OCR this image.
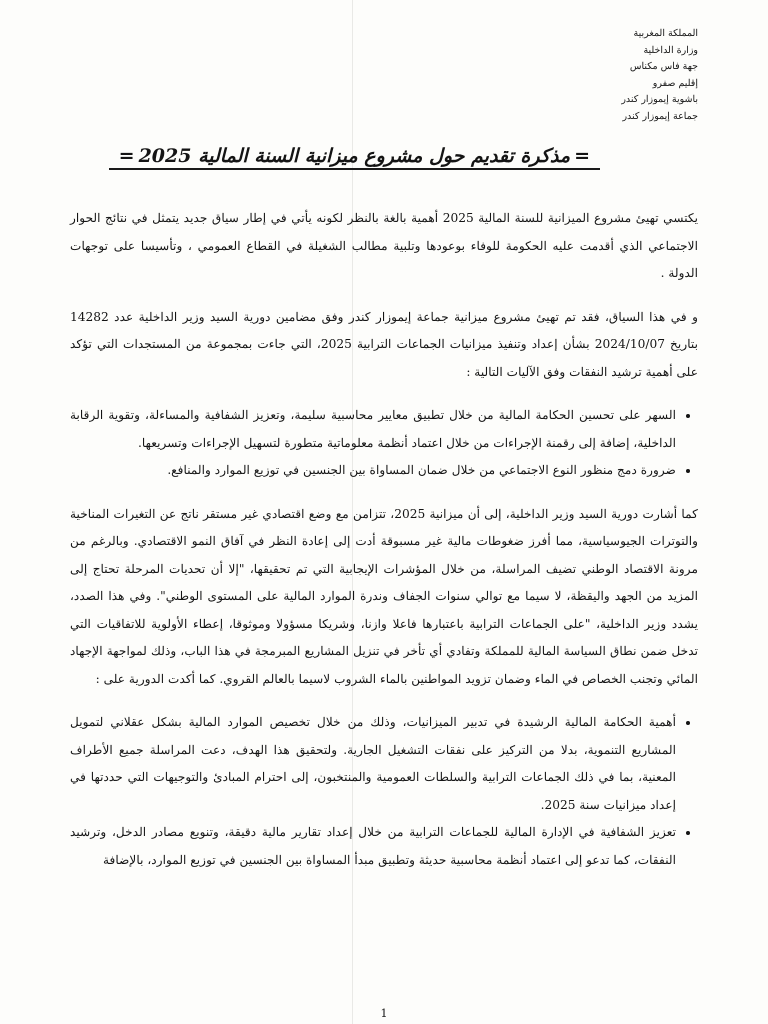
المملكة المغربية
وزارة الداخلية
جهة فاس مكناس
إقليم صفرو
باشوية إيموزار كندر
جماعة إيموزار كندر
= مذكرة تقديم حول مشروع ميزانية السنة المالية 2025 =

يكتسي تهيئ مشروع الميزانية للسنة المالية 2025 أهمية بالغة بالنظر لكونه يأتي في إطار سياق جديد يتمثل في نتائج الحوار الاجتماعي الذي أقدمت عليه الحكومة للوفاء بوعودها وتلبية مطالب الشغيلة في القطاع العمومي ، وتأسيسا على توجهات الدولة .

و في هذا السياق، فقد تم تهيئ مشروع ميزانية جماعة إيموزار كندر وفق مضامين دورية السيد وزير الداخلية عدد 14282 بتاريخ 2024/10/07 بشأن إعداد وتنفيذ ميزانيات الجماعات الترابية 2025، التي جاءت بمجموعة من المستجدات التي تؤكد على أهمية ترشيد النفقات وفق الآليات التالية :

• السهر على تحسين الحكامة المالية من خلال تطبيق معايير محاسبية سليمة، وتعزيز الشفافية والمساءلة، وتقوية الرقابة الداخلية، إضافة إلى رقمنة الإجراءات من خلال اعتماد أنظمة معلوماتية متطورة لتسهيل الإجراءات وتسريعها.
• ضرورة دمج منظور النوع الاجتماعي من خلال ضمان المساواة بين الجنسين في توزيع الموارد والمنافع.

كما أشارت دورية السيد وزير الداخلية، إلى أن ميزانية 2025، تتزامن مع وضع اقتصادي غير مستقر ناتج عن التغيرات المناخية والتوترات الجيوسياسية، مما أفرز ضغوطات مالية غير مسبوقة أدت إلى إعادة النظر في آفاق النمو الاقتصادي. وبالرغم من مرونة الاقتصاد الوطني تضيف المراسلة، من خلال المؤشرات الإيجابية التي تم تحقيقها، "إلا أن تحديات المرحلة تحتاج إلى المزيد من الجهد واليقظة، لا سيما مع توالي سنوات الجفاف وندرة الموارد المالية على المستوى الوطني". وفي هذا الصدد، يشدد وزير الداخلية، "على الجماعات الترابية باعتبارها فاعلا وازنا، وشريكا مسؤولا وموثوقا، إعطاء الأولوية للاتفاقيات التي تدخل ضمن نطاق السياسة المالية للمملكة وتفادي أي تأخر في تنزيل المشاريع المبرمجة في هذا الباب، وذلك لمواجهة الإجهاد المائي وتجنب الخصاص في الماء وضمان تزويد المواطنين بالماء الشروب لاسيما بالعالم القروي. كما أكدت الدورية على :

• أهمية الحكامة المالية الرشيدة في تدبير الميزانيات، وذلك من خلال تخصيص الموارد المالية بشكل عقلاني لتمويل المشاريع التنموية، بدلا من التركيز على نفقات التشغيل الجارية. ولتحقيق هذا الهدف، دعت المراسلة جميع الأطراف المعنية، بما في ذلك الجماعات الترابية والسلطات العمومية والمنتخبون، إلى احترام المبادئ والتوجيهات التي حددتها في إعداد ميزانيات سنة 2025.
• تعزيز الشفافية في الإدارة المالية للجماعات الترابية من خلال إعداد تقارير مالية دقيقة، وتنويع مصادر الدخل، وترشيد النفقات، كما تدعو إلى اعتماد أنظمة محاسبية حديثة وتطبيق مبدأ المساواة بين الجنسين في توزيع الموارد، بالإضافة
1
